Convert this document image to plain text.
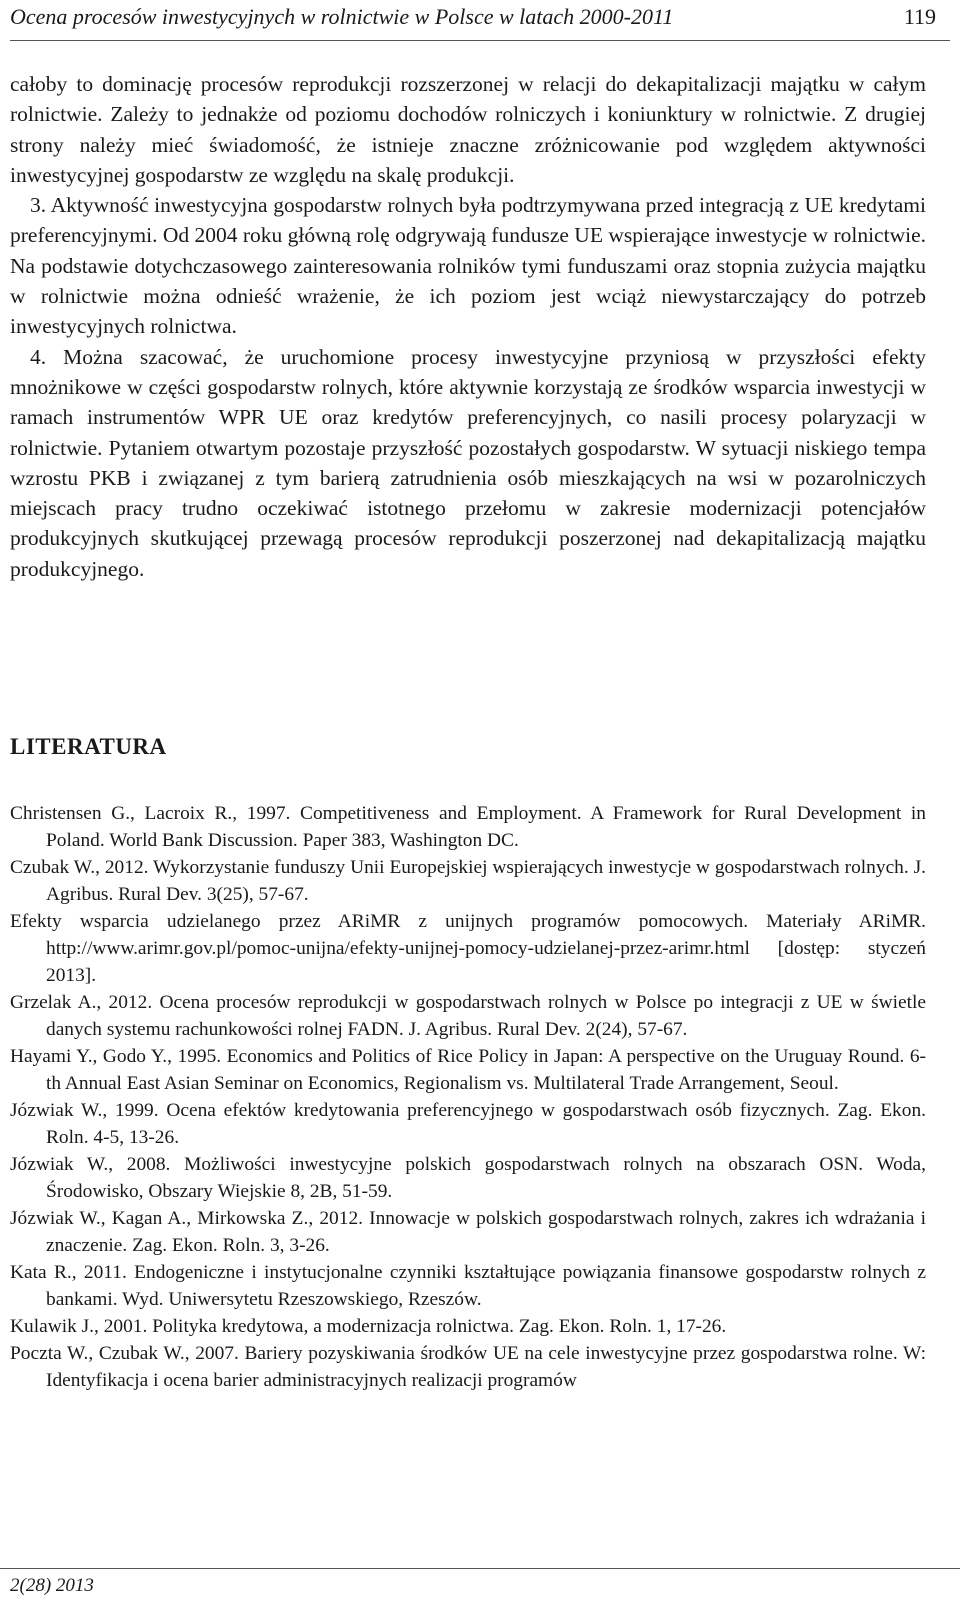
Ocena procesów inwestycyjnych w rolnictwie w Polsce w latach 2000-2011	119

całoby to dominację procesów reprodukcji rozszerzonej w relacji do dekapitalizacji majątku w całym rolnictwie. Zależy to jednakże od poziomu dochodów rolniczych i koniunktury w rolnictwie. Z drugiej strony należy mieć świadomość, że istnieje znaczne zróżnicowanie pod względem aktywności inwestycyjnej gospodarstw ze względu na skalę produkcji.

3. Aktywność inwestycyjna gospodarstw rolnych była podtrzymywana przed integracją z UE kredytami preferencyjnymi. Od 2004 roku główną rolę odgrywają fundusze UE wspierające inwestycje w rolnictwie. Na podstawie dotychczasowego zainteresowania rolników tymi funduszami oraz stopnia zużycia majątku w rolnictwie można odnieść wrażenie, że ich poziom jest wciąż niewystarczający do potrzeb inwestycyjnych rolnictwa.

4. Można szacować, że uruchomione procesy inwestycyjne przyniosą w przyszłości efekty mnożnikowe w części gospodarstw rolnych, które aktywnie korzystają ze środków wsparcia inwestycji w ramach instrumentów WPR UE oraz kredytów preferencyjnych, co nasili procesy polaryzacji w rolnictwie. Pytaniem otwartym pozostaje przyszłość pozostałych gospodarstw. W sytuacji niskiego tempa wzrostu PKB i związanej z tym barierą zatrudnienia osób mieszkających na wsi w pozarolniczych miejscach pracy trudno oczekiwać istotnego przełomu w zakresie modernizacji potencjałów produkcyjnych skutkującej przewagą procesów reprodukcji poszerzonej nad dekapitalizacją majątku produkcyjnego.

LITERATURA
Christensen G., Lacroix R., 1997. Competitiveness and Employment. A Framework for Rural Development in Poland. World Bank Discussion. Paper 383, Washington DC.
Czubak W., 2012. Wykorzystanie funduszy Unii Europejskiej wspierających inwestycje w gospodarstwach rolnych. J. Agribus. Rural Dev. 3(25), 57-67.
Efekty wsparcia udzielanego przez ARiMR z unijnych programów pomocowych. Materiały ARiMR. http://www.arimr.gov.pl/pomoc-unijna/efekty-unijnej-pomocy-udzielanej-przez-arimr.html [dostęp: styczeń 2013].
Grzelak A., 2012. Ocena procesów reprodukcji w gospodarstwach rolnych w Polsce po integracji z UE w świetle danych systemu rachunkowości rolnej FADN. J. Agribus. Rural Dev. 2(24), 57-67.
Hayami Y., Godo Y., 1995. Economics and Politics of Rice Policy in Japan: A perspective on the Uruguay Round. 6-th Annual East Asian Seminar on Economics, Regionalism vs. Multilateral Trade Arrangement, Seoul.
Józwiak W., 1999. Ocena efektów kredytowania preferencyjnego w gospodarstwach osób fizycznych. Zag. Ekon. Roln. 4-5, 13-26.
Józwiak W., 2008. Możliwości inwestycyjne polskich gospodarstwach rolnych na obszarach OSN. Woda, Środowisko, Obszary Wiejskie 8, 2B, 51-59.
Józwiak W., Kagan A., Mirkowska Z., 2012. Innowacje w polskich gospodarstwach rolnych, zakres ich wdrażania i znaczenie. Zag. Ekon. Roln. 3, 3-26.
Kata R., 2011. Endogeniczne i instytucjonalne czynniki kształtujące powiązania finansowe gospodarstw rolnych z bankami. Wyd. Uniwersytetu Rzeszowskiego, Rzeszów.
Kulawik J., 2001. Polityka kredytowa, a modernizacja rolnictwa. Zag. Ekon. Roln. 1, 17-26.
Poczta W., Czubak W., 2007. Bariery pozyskiwania środków UE na cele inwestycyjne przez gospodarstwa rolne. W: Identyfikacja i ocena barier administracyjnych realizacji programów
2(28) 2013
